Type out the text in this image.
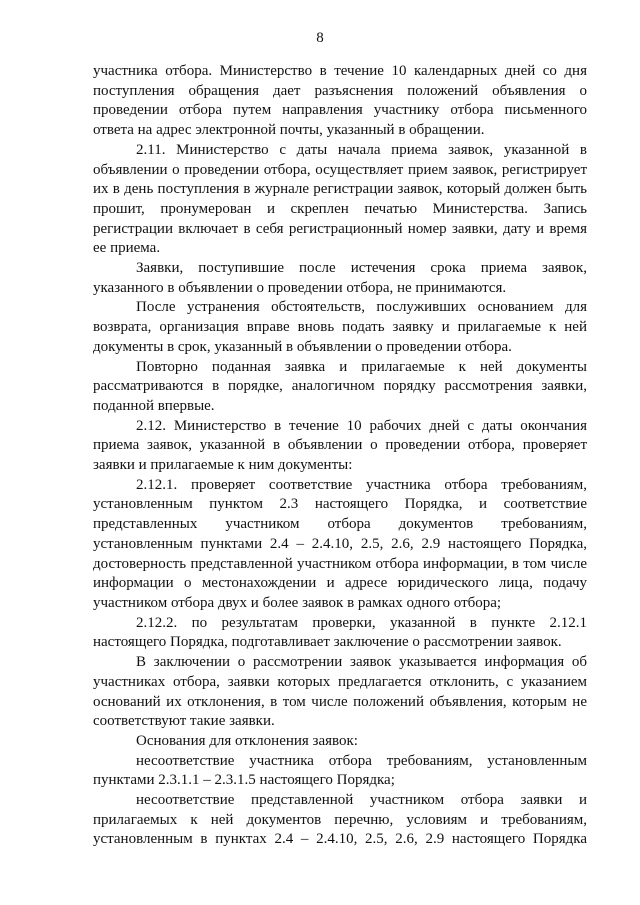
8

участника отбора. Министерство в течение 10 календарных дней со дня поступления обращения дает разъяснения положений объявления о проведении отбора путем направления участнику отбора письменного ответа на адрес электронной почты, указанный в обращении.

2.11. Министерство с даты начала приема заявок, указанной в объявлении о проведении отбора, осуществляет прием заявок, регистрирует их в день поступления в журнале регистрации заявок, который должен быть прошит, пронумерован и скреплен печатью Министерства. Запись регистрации включает в себя регистрационный номер заявки, дату и время ее приема.

Заявки, поступившие после истечения срока приема заявок, указанного в объявлении о проведении отбора, не принимаются.

После устранения обстоятельств, послуживших основанием для возврата, организация вправе вновь подать заявку и прилагаемые к ней документы в срок, указанный в объявлении о проведении отбора.

Повторно поданная заявка и прилагаемые к ней документы рассматриваются в порядке, аналогичном порядку рассмотрения заявки, поданной впервые.

2.12. Министерство в течение 10 рабочих дней с даты окончания приема заявок, указанной в объявлении о проведении отбора, проверяет заявки и прилагаемые к ним документы:

2.12.1. проверяет соответствие участника отбора требованиям, установленным пунктом 2.3 настоящего Порядка, и соответствие представленных участником отбора документов требованиям, установленным пунктами 2.4 – 2.4.10, 2.5, 2.6, 2.9 настоящего Порядка, достоверность представленной участником отбора информации, в том числе информации о местонахождении и адресе юридического лица, подачу участником отбора двух и более заявок в рамках одного отбора;

2.12.2. по результатам проверки, указанной в пункте 2.12.1 настоящего Порядка, подготавливает заключение о рассмотрении заявок.

В заключении о рассмотрении заявок указывается информация об участниках отбора, заявки которых предлагается отклонить, с указанием оснований их отклонения, в том числе положений объявления, которым не соответствуют такие заявки.

Основания для отклонения заявок:

несоответствие участника отбора требованиям, установленным пунктами 2.3.1.1 – 2.3.1.5 настоящего Порядка;

несоответствие представленной участником отбора заявки и прилагаемых к ней документов перечню, условиям и требованиям, установленным в пунктах 2.4 – 2.4.10, 2.5, 2.6, 2.9 настоящего Порядка
